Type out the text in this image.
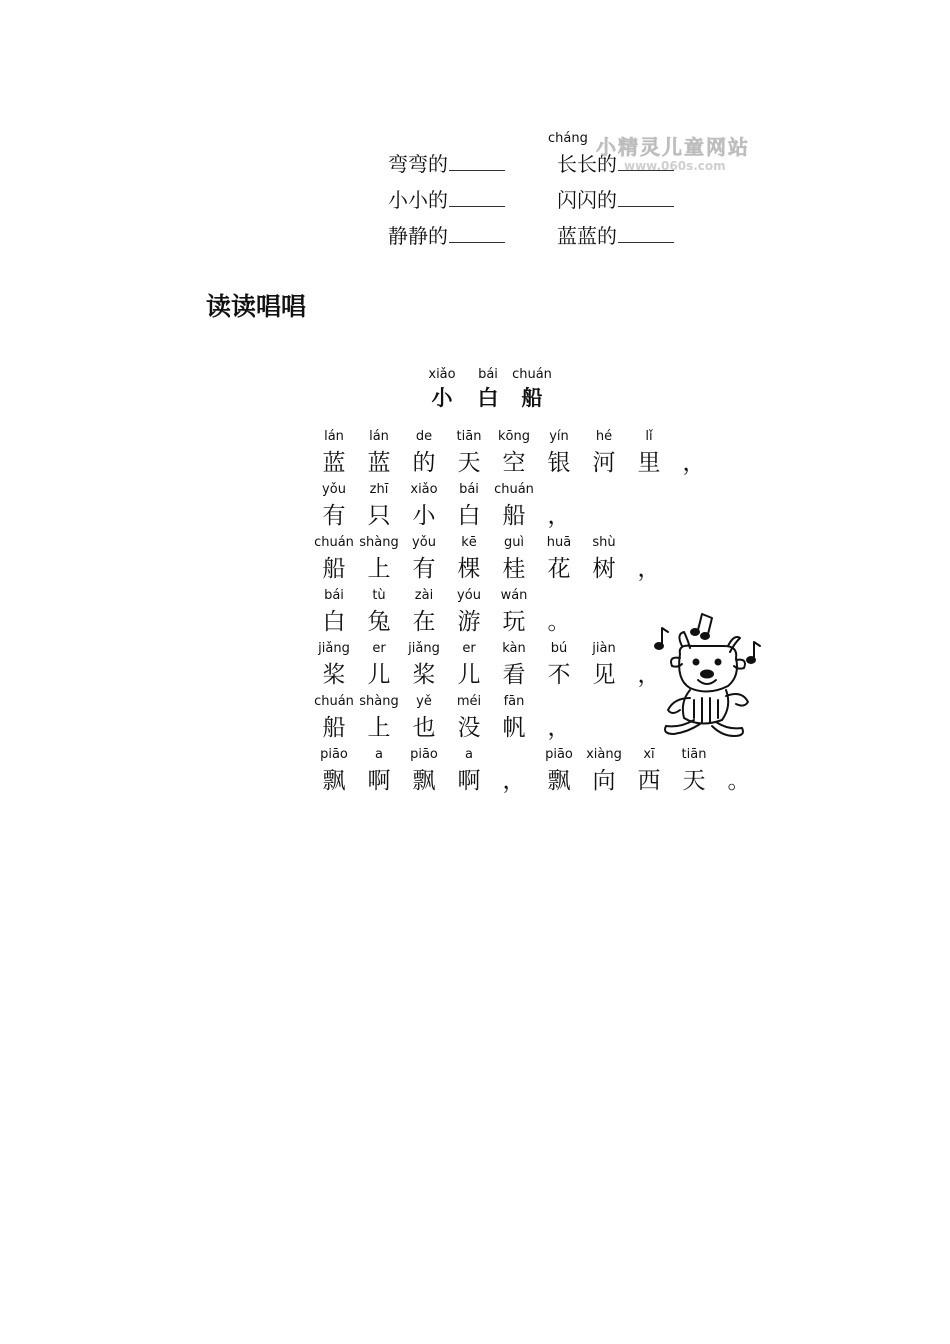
cháng
弯弯的	长长的
小小的	闪闪的
静静的	蓝蓝的
小精灵儿童网站
www.060s.com
读读唱唱
xiǎo	bái	chuán
小	白	船
lán
蓝
lán
蓝
de
的
tiān
天
kōng
空
yín
银
hé
河
lǐ
里 ，
yǒu
有
zhī
只
xiǎo
小
bái
白
chuán
船 ，
chuán
船
shàng
上
yǒu
有
kē
棵
guì
桂
huā
花
shù
树 ，
bái
白
tù
兔
zài
在
yóu
游
wán
玩 。
jiǎng
桨
er
儿
jiǎng
桨
er
儿
kàn
看
bú
不
jiàn
见 ，
chuán
船
shàng
上
yě
也
méi
没
fān
帆 ，
piāo
飘
a
啊
piāo
飘
a
啊 ，
piāo
飘
xiàng
向
xī
西
tiān
天 。
